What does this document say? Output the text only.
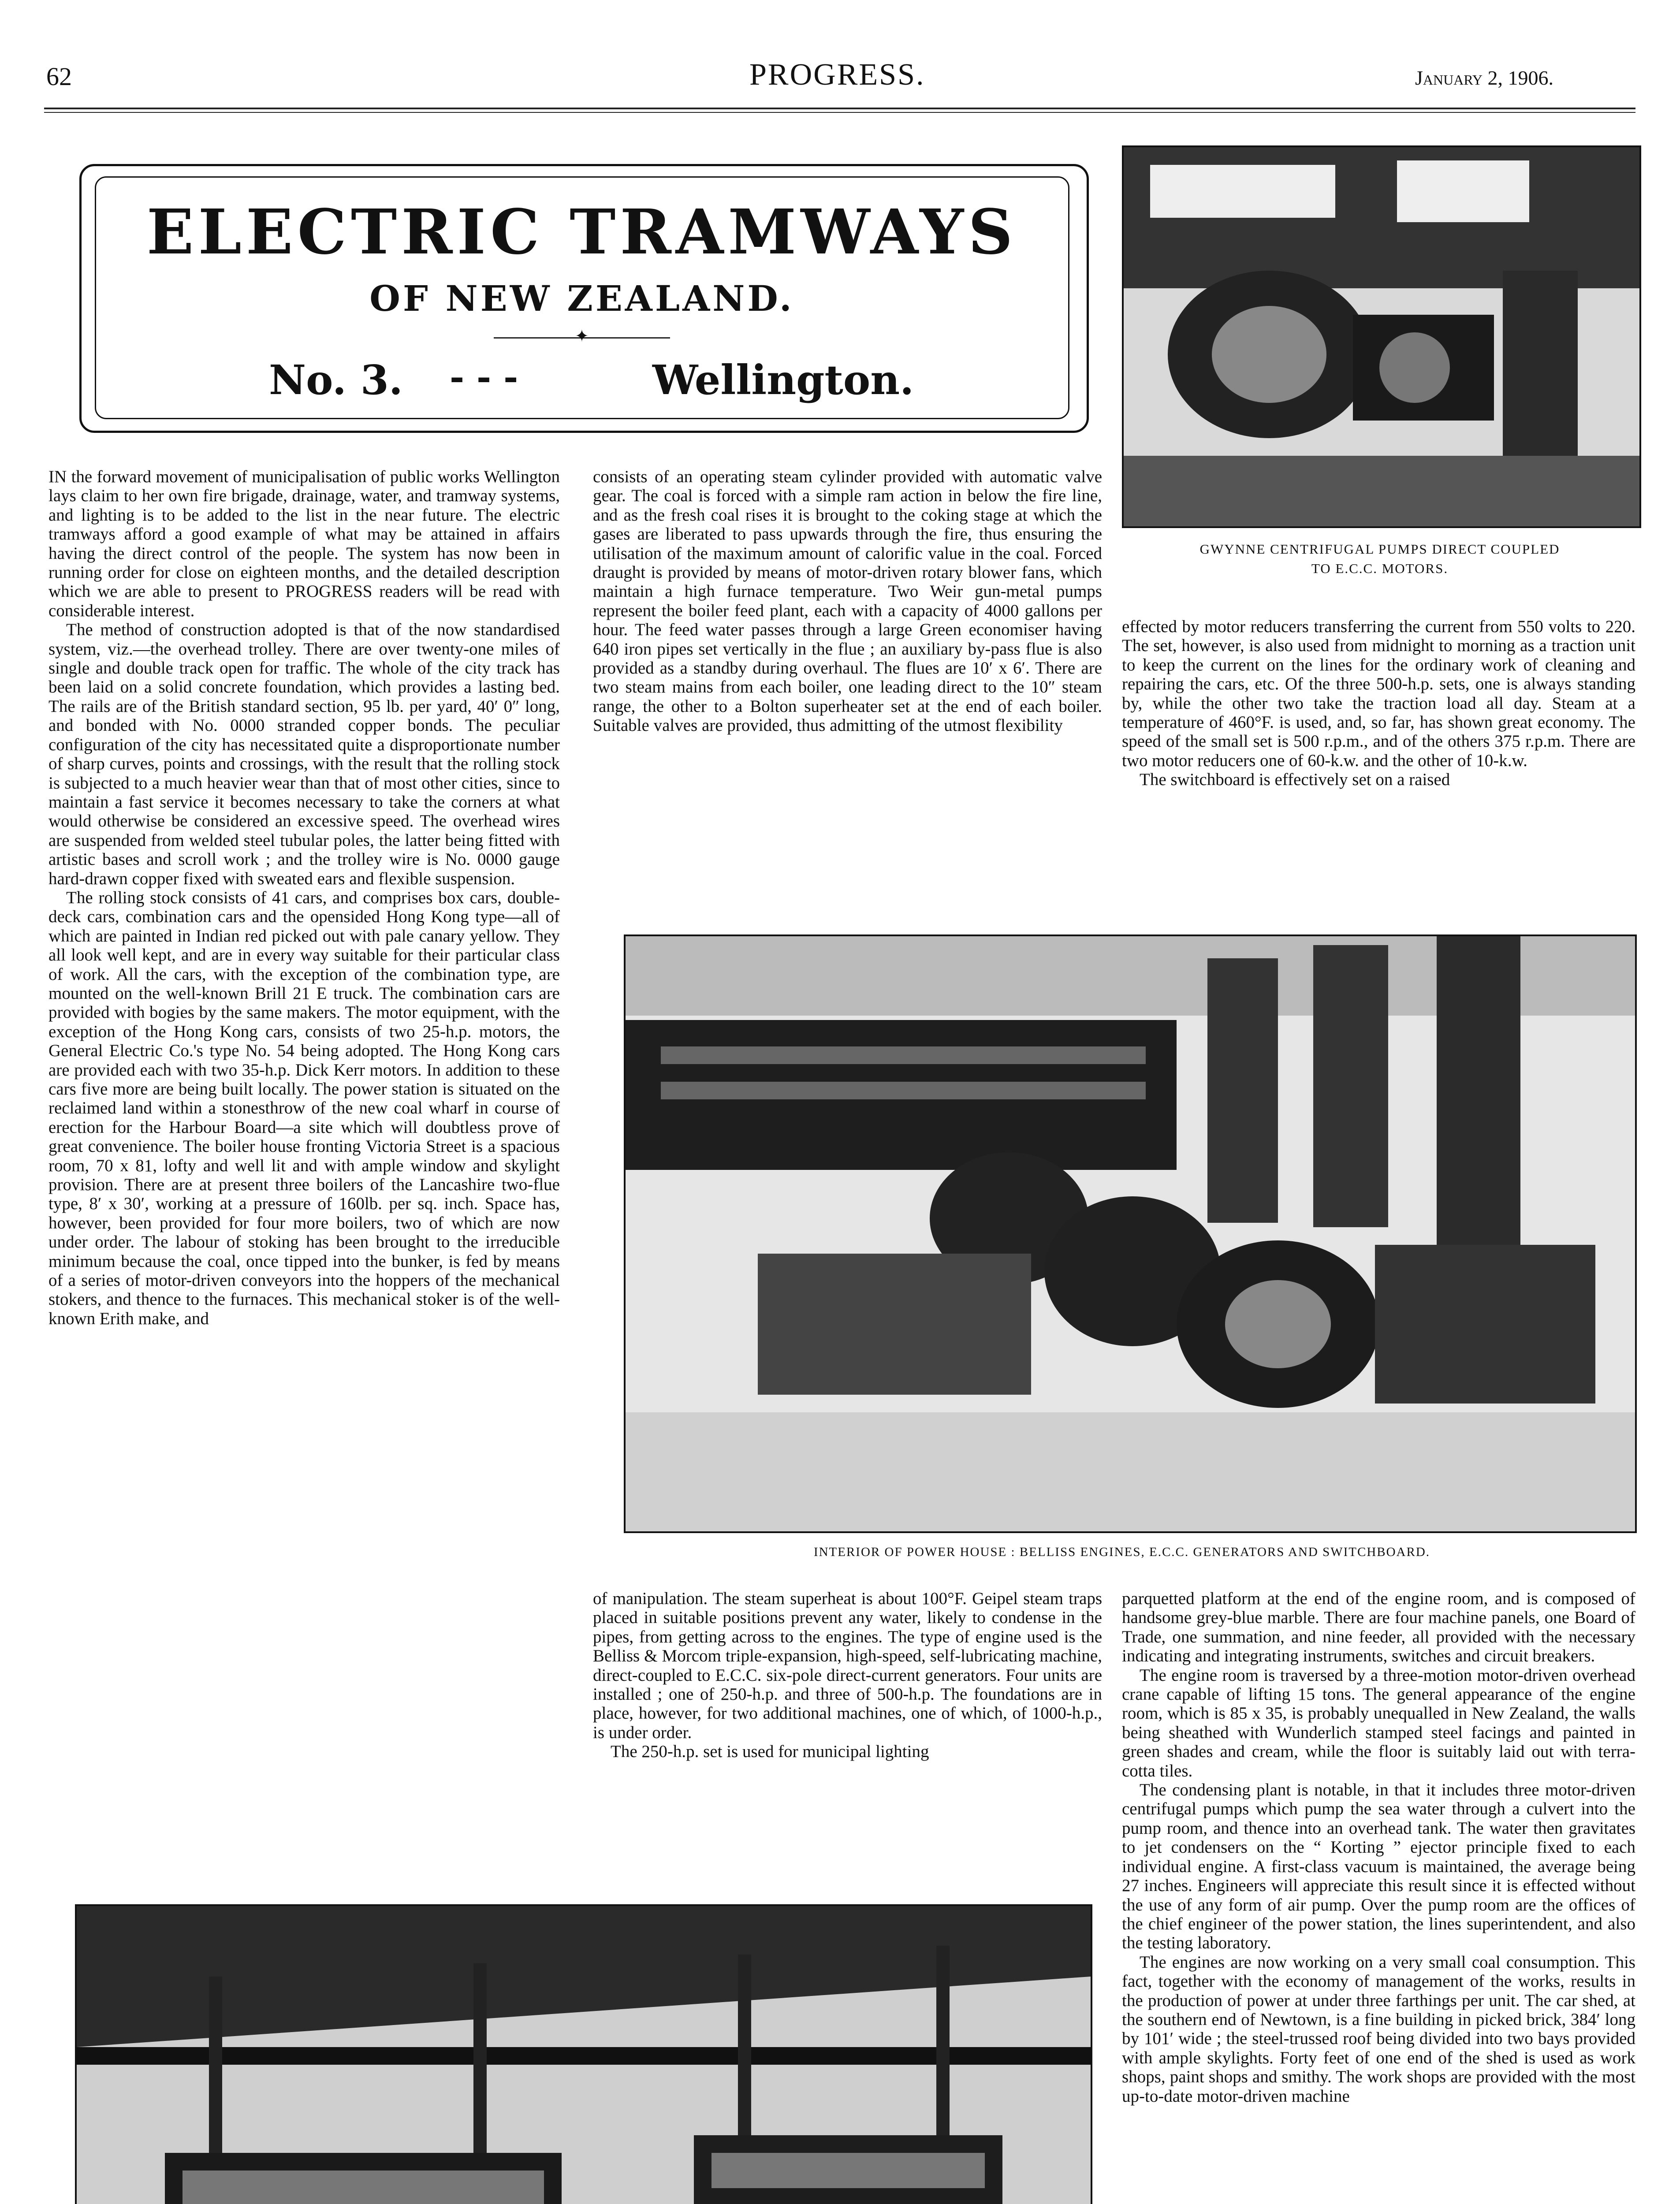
62	PROGRESS.	January 2, 1906.
ELECTRIC TRAMWAYS
OF NEW ZEALAND.
✦
No. 3. - - -	Wellington.
GWYNNE CENTRIFUGAL PUMPS DIRECT COUPLED
TO E.C.C. MOTORS.

IN the forward movement of municipalisation of public works Wellington lays claim to her own fire brigade, drainage, water, and tramway systems, and lighting is to be added to the list in the near future. The electric tramways afford a good example of what may be attained in affairs having the direct control of the people. The system has now been in running order for close on eighteen months, and the detailed description which we are able to present to PROGRESS readers will be read with considerable interest.

The method of construction adopted is that of the now standardised system, viz.—the overhead trolley. There are over twenty-one miles of single and double track open for traffic. The whole of the city track has been laid on a solid concrete foundation, which provides a lasting bed. The rails are of the British standard section, 95 lb. per yard, 40′ 0″ long, and bonded with No. 0000 stranded copper bonds. The peculiar configuration of the city has necessitated quite a disproportionate number of sharp curves, points and crossings, with the result that the rolling stock is subjected to a much heavier wear than that of most other cities, since to maintain a fast service it becomes necessary to take the corners at what would otherwise be considered an excessive speed. The overhead wires are suspended from welded steel tubular poles, the latter being fitted with artistic bases and scroll work ; and the trolley wire is No. 0000 gauge hard-drawn copper fixed with sweated ears and flexible suspension.

The rolling stock consists of 41 cars, and comprises box cars, double-deck cars, combination cars and the opensided Hong Kong type—all of which are painted in Indian red picked out with pale canary yellow. They all look well kept, and are in every way suitable for their particular class of work. All the cars, with the exception of the combination type, are mounted on the well-known Brill 21 E truck. The combination cars are provided with bogies by the same makers. The motor equipment, with the exception of the Hong Kong cars, consists of two 25-h.p. motors, the General Electric Co.'s type No. 54 being adopted. The Hong Kong cars are provided each with two 35-h.p. Dick Kerr motors. In addition to these cars five more are being built locally. The power station is situated on the reclaimed land within a stonesthrow of the new coal wharf in course of erection for the Harbour Board—a site which will doubtless prove of great convenience. The boiler house fronting Victoria Street is a spacious room, 70 x 81, lofty and well lit and with ample window and skylight provision. There are at present three boilers of the Lancashire two-flue type, 8′ x 30′, working at a pressure of 160lb. per sq. inch. Space has, however, been provided for four more boilers, two of which are now under order. The labour of stoking has been brought to the irreducible minimum because the coal, once tipped into the bunker, is fed by means of a series of motor-driven conveyors into the hoppers of the mechanical stokers, and thence to the furnaces. This mechanical stoker is of the well-known Erith make, and

consists of an operating steam cylinder provided with automatic valve gear. The coal is forced with a simple ram action in below the fire line, and as the fresh coal rises it is brought to the coking stage at which the gases are liberated to pass upwards through the fire, thus ensuring the utilisation of the maximum amount of calorific value in the coal. Forced draught is provided by means of motor-driven rotary blower fans, which maintain a high furnace temperature. Two Weir gun-metal pumps represent the boiler feed plant, each with a capacity of 4000 gallons per hour. The feed water passes through a large Green economiser having 640 iron pipes set vertically in the flue ; an auxiliary by-pass flue is also provided as a standby during overhaul. The flues are 10′ x 6′. There are two steam mains from each boiler, one leading direct to the 10″ steam range, the other to a Bolton superheater set at the end of each boiler. Suitable valves are provided, thus admitting of the utmost flexibility

effected by motor reducers transferring the current from 550 volts to 220. The set, however, is also used from midnight to morning as a traction unit to keep the current on the lines for the ordinary work of cleaning and repairing the cars, etc. Of the three 500-h.p. sets, one is always standing by, while the other two take the traction load all day. Steam at a temperature of 460°F. is used, and, so far, has shown great economy. The speed of the small set is 500 r.p.m., and of the others 375 r.p.m. There are two motor reducers one of 60-k.w. and the other of 10-k.w.

The switchboard is effectively set on a raised

INTERIOR OF POWER HOUSE : BELLISS ENGINES, E.C.C. GENERATORS AND SWITCHBOARD.

of manipulation. The steam superheat is about 100°F. Geipel steam traps placed in suitable positions prevent any water, likely to condense in the pipes, from getting across to the engines. The type of engine used is the Belliss & Morcom triple-expansion, high-speed, self-lubricating machine, direct-coupled to E.C.C. six-pole direct-current generators. Four units are installed ; one of 250-h.p. and three of 500-h.p. The foundations are in place, however, for two additional machines, one of which, of 1000-h.p., is under order.

The 250-h.p. set is used for municipal lighting

parquetted platform at the end of the engine room, and is composed of handsome grey-blue marble. There are four machine panels, one Board of Trade, one summation, and nine feeder, all provided with the necessary indicating and integrating instruments, switches and circuit breakers.

The engine room is traversed by a three-motion motor-driven overhead crane capable of lifting 15 tons. The general appearance of the engine room, which is 85 x 35, is probably unequalled in New Zealand, the walls being sheathed with Wunderlich stamped steel facings and painted in green shades and cream, while the floor is suitably laid out with terra-cotta tiles.

The condensing plant is notable, in that it includes three motor-driven centrifugal pumps which pump the sea water through a culvert into the pump room, and thence into an overhead tank. The water then gravitates to jet condensers on the “ Korting ” ejector principle fixed to each individual engine. A first-class vacuum is maintained, the average being 27 inches. Engineers will appreciate this result since it is effected without the use of any form of air pump. Over the pump room are the offices of the chief engineer of the power station, the lines superintendent, and also the testing laboratory.

The engines are now working on a very small coal consumption. This fact, together with the economy of management of the works, results in the production of power at under three farthings per unit. The car shed, at the southern end of Newtown, is a fine building in picked brick, 384′ long by 101′ wide ; the steel-trussed roof being divided into two bays provided with ample skylights. Forty feet of one end of the shed is used as work shops, paint shops and smithy. The work shops are provided with the most up-to-date motor-driven machine
